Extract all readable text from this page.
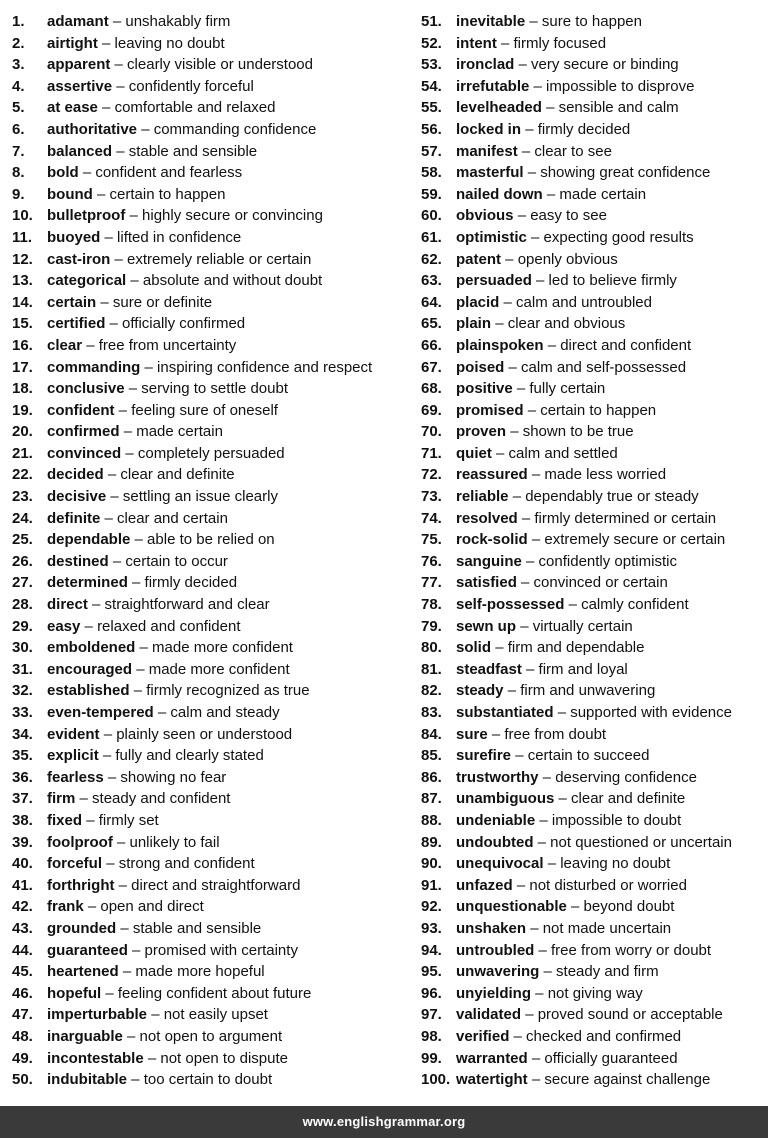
1. adamant – unshakably firm
2. airtight – leaving no doubt
3. apparent – clearly visible or understood
4. assertive – confidently forceful
5. at ease – comfortable and relaxed
6. authoritative – commanding confidence
7. balanced – stable and sensible
8. bold – confident and fearless
9. bound – certain to happen
10. bulletproof – highly secure or convincing
11. buoyed – lifted in confidence
12. cast-iron – extremely reliable or certain
13. categorical – absolute and without doubt
14. certain – sure or definite
15. certified – officially confirmed
16. clear – free from uncertainty
17. commanding – inspiring confidence and respect
18. conclusive – serving to settle doubt
19. confident – feeling sure of oneself
20. confirmed – made certain
21. convinced – completely persuaded
22. decided – clear and definite
23. decisive – settling an issue clearly
24. definite – clear and certain
25. dependable – able to be relied on
26. destined – certain to occur
27. determined – firmly decided
28. direct – straightforward and clear
29. easy – relaxed and confident
30. emboldened – made more confident
31. encouraged – made more confident
32. established – firmly recognized as true
33. even-tempered – calm and steady
34. evident – plainly seen or understood
35. explicit – fully and clearly stated
36. fearless – showing no fear
37. firm – steady and confident
38. fixed – firmly set
39. foolproof – unlikely to fail
40. forceful – strong and confident
41. forthright – direct and straightforward
42. frank – open and direct
43. grounded – stable and sensible
44. guaranteed – promised with certainty
45. heartened – made more hopeful
46. hopeful – feeling confident about future
47. imperturbable – not easily upset
48. inarguable – not open to argument
49. incontestable – not open to dispute
50. indubitable – too certain to doubt
51. inevitable – sure to happen
52. intent – firmly focused
53. ironclad – very secure or binding
54. irrefutable – impossible to disprove
55. levelheaded – sensible and calm
56. locked in – firmly decided
57. manifest – clear to see
58. masterful – showing great confidence
59. nailed down – made certain
60. obvious – easy to see
61. optimistic – expecting good results
62. patent – openly obvious
63. persuaded – led to believe firmly
64. placid – calm and untroubled
65. plain – clear and obvious
66. plainspoken – direct and confident
67. poised – calm and self-possessed
68. positive – fully certain
69. promised – certain to happen
70. proven – shown to be true
71. quiet – calm and settled
72. reassured – made less worried
73. reliable – dependably true or steady
74. resolved – firmly determined or certain
75. rock-solid – extremely secure or certain
76. sanguine – confidently optimistic
77. satisfied – convinced or certain
78. self-possessed – calmly confident
79. sewn up – virtually certain
80. solid – firm and dependable
81. steadfast – firm and loyal
82. steady – firm and unwavering
83. substantiated – supported with evidence
84. sure – free from doubt
85. surefire – certain to succeed
86. trustworthy – deserving confidence
87. unambiguous – clear and definite
88. undeniable – impossible to doubt
89. undoubted – not questioned or uncertain
90. unequivocal – leaving no doubt
91. unfazed – not disturbed or worried
92. unquestionable – beyond doubt
93. unshaken – not made uncertain
94. untroubled – free from worry or doubt
95. unwavering – steady and firm
96. unyielding – not giving way
97. validated – proved sound or acceptable
98. verified – checked and confirmed
99. warranted – officially guaranteed
100. watertight – secure against challenge
www.englishgrammar.org
